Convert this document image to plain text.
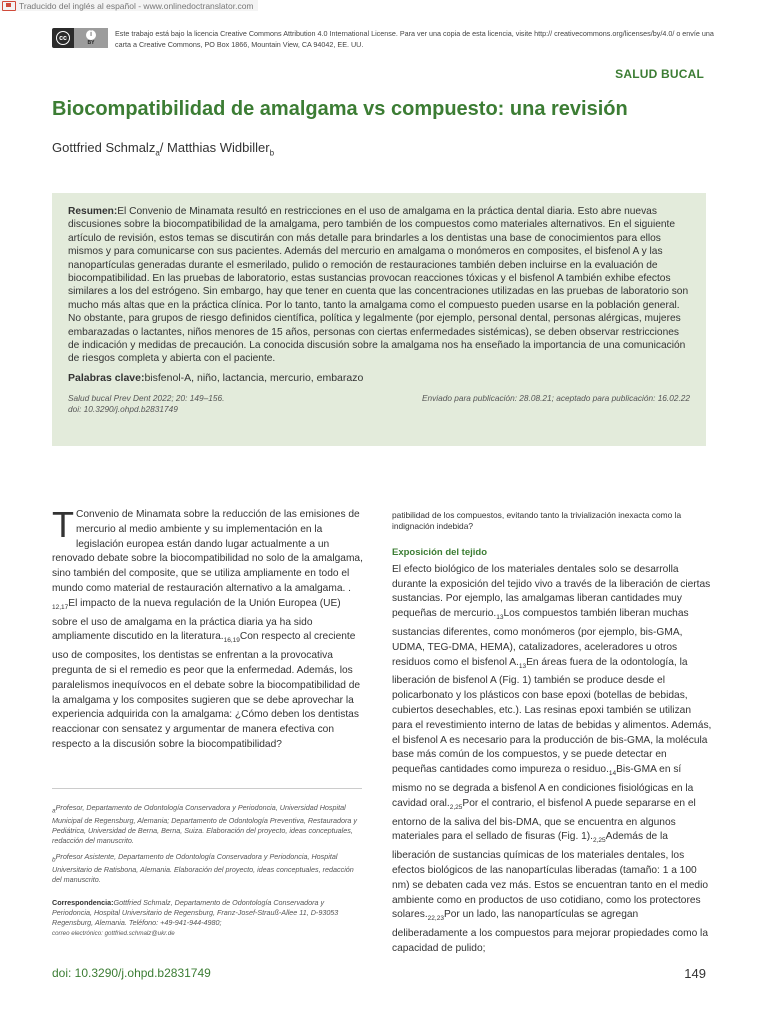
Traducido del inglés al español - www.onlinedoctranslator.com
cc	i
BY
Este trabajo está bajo la licencia Creative Commons Attribution 4.0 International License. Para ver una copia de esta licencia, visite http:// creativecommons.org/licenses/by/4.0/ o envíe una carta a Creative Commons, PO Box 1866, Mountain View, CA 94042, EE. UU.
SALUD BUCAL
Biocompatibilidad de amalgama vs compuesto: una revisión
Gottfried Schmalz$_a$/ Matthias Widbiller$_b$

Resumen:El Convenio de Minamata resultó en restricciones en el uso de amalgama en la práctica dental diaria. Esto abre nuevas discusiones sobre la biocompatibilidad de la amalgama, pero también de los compuestos como materiales alternativos. En el siguiente artículo de revisión, estos temas se discutirán con más detalle para brindarles a los dentistas una base de conocimientos para ellos mismos y para comunicarse con sus pacientes. Además del mercurio en amalgama o monómeros en composites, el bisfenol A y las nanopartículas generadas durante el esmerilado, pulido o remoción de restauraciones también deben incluirse en la evaluación de biocompatibilidad. En las pruebas de laboratorio, estas sustancias provocan reacciones tóxicas y el bisfenol A también exhibe efectos similares a los del estrógeno. Sin embargo, hay que tener en cuenta que las concentraciones utilizadas en las pruebas de laboratorio son mucho más altas que en la práctica clínica. Por lo tanto, tanto la amalgama como el compuesto pueden usarse en la población general. No obstante, para grupos de riesgo definidos científica, política y legalmente (por ejemplo, personal dental, personas alérgicas, mujeres embarazadas o lactantes, niños menores de 15 años, personas con ciertas enfermedades sistémicas), se deben observar restricciones de indicación y medidas de precaución. La conocida discusión sobre la amalgama nos ha enseñado la importancia de una comunicación de riesgos completa y abierta con el paciente.

Palabras clave:bisfenol-A, niño, lactancia, mercurio, embarazo

Salud bucal Prev Dent 2022; 20: 149–156.
doi: 10.3290/j.ohpd.b2831749
Enviado para publicación: 28.08.21; aceptado para publicación: 16.02.22
T Convenio de Minamata sobre la reducción de las emisiones de mercurio al medio ambiente y su implementación en la legislación europea están dando lugar actualmente a un renovado debate sobre la biocompatibilidad no solo de la amalgama, sino también del composite, que se utiliza ampliamente en todo el mundo como material de restauración alternativo a la amalgama. . $_{12,17}$El impacto de la nueva regulación de la Unión Europea (UE) sobre el uso de amalgama en la práctica diaria ya ha sido ampliamente discutido en la $literatura._{16,19}Con$ respecto al creciente uso de composites, los dentistas se enfrentan a la provocativa pregunta de si el remedio es peor que la enfermedad. Además, los paralelismos inequívocos en el debate sobre la biocompatibilidad de la amalgama y los composites sugieren que se debe aprovechar la experiencia adquirida con la amalgama: ¿Cómo deben los dentistas reaccionar con sensatez y argumentar de manera efectiva con respecto a la discusión sobre la biocompatibilidad?
aProfesor, Departamento de Odontología Conservadora y Periodoncia, Universidad Hospital Municipal de Regensburg, Alemania; Departamento de Odontología Preventiva, Restauradora y Pediátrica, Universidad de Berna, Berna, Suiza. Elaboración del proyecto, ideas conceptuales, redacción del manuscrito.
bProfesor Asistente, Departamento de Odontología Conservadora y Periodoncia, Hospital Universitario de Ratisbona, Alemania. Elaboración del proyecto, ideas conceptuales, redacción del manuscrito.
Correspondencia:Gottfried Schmalz, Departamento de Odontología Conservadora y Periodoncia, Hospital Universitario de Regensburg, Franz-Josef-Strauß-Allee 11, D-93053 Regensburg, Alemania. Teléfono: +49-941-944-4980;
correo electrónico: gottfried.schmalz@ukr.de
patibilidad de los compuestos, evitando tanto la trivialización inexacta como la indignación indebida?
Exposición del tejido
El efecto biológico de los materiales dentales solo se desarrolla durante la exposición del tejido vivo a través de la liberación de ciertas sustancias. Por ejemplo, las amalgamas liberan cantidades muy pequeñas de $mercurio._{13}Los$ compuestos también liberan muchas sustancias diferentes, como monómeros (por ejemplo, bis-GMA, UDMA, TEG-DMA, HEMA), catalizadores, aceleradores u otros residuos como el bisfenol $A._{13}En$ áreas fuera de la odontología, la liberación de bisfenol A (Fig. 1) también se produce desde el policarbonato y los plásticos con base epoxi (botellas de bebidas, cubiertos desechables, etc.). Las resinas epoxi también se utilizan para el revestimiento interno de latas de bebidas y alimentos. Además, el bisfenol A es necesario para la producción de bis-GMA, la molécula base más común de los compuestos, y se puede detectar en pequeñas cantidades como impureza o $residuo._{14}Bis$-GMA en sí mismo no se degrada a bisfenol A en condiciones fisiológicas en la cavidad $oral._{2,25}Por$ el contrario, el bisfenol A puede separarse en el entorno de la saliva del bis-DMA, que se encuentra en algunos materiales para el sellado de fisuras (Fig. $1)._{2,25}Además$ de la liberación de sustancias químicas de los materiales dentales, los efectos biológicos de las nanopartículas liberadas (tamaño: 1 a 100 nm) se debaten cada vez más. Estos se encuentran tanto en el medio ambiente como en productos de uso cotidiano, como los protectores $solares._{22,23}Por$ un lado, las nanopartículas se agregan deliberadamente a los compuestos para mejorar propiedades como la capacidad de pulido;
doi: 10.3290/j.ohpd.b2831749	149
